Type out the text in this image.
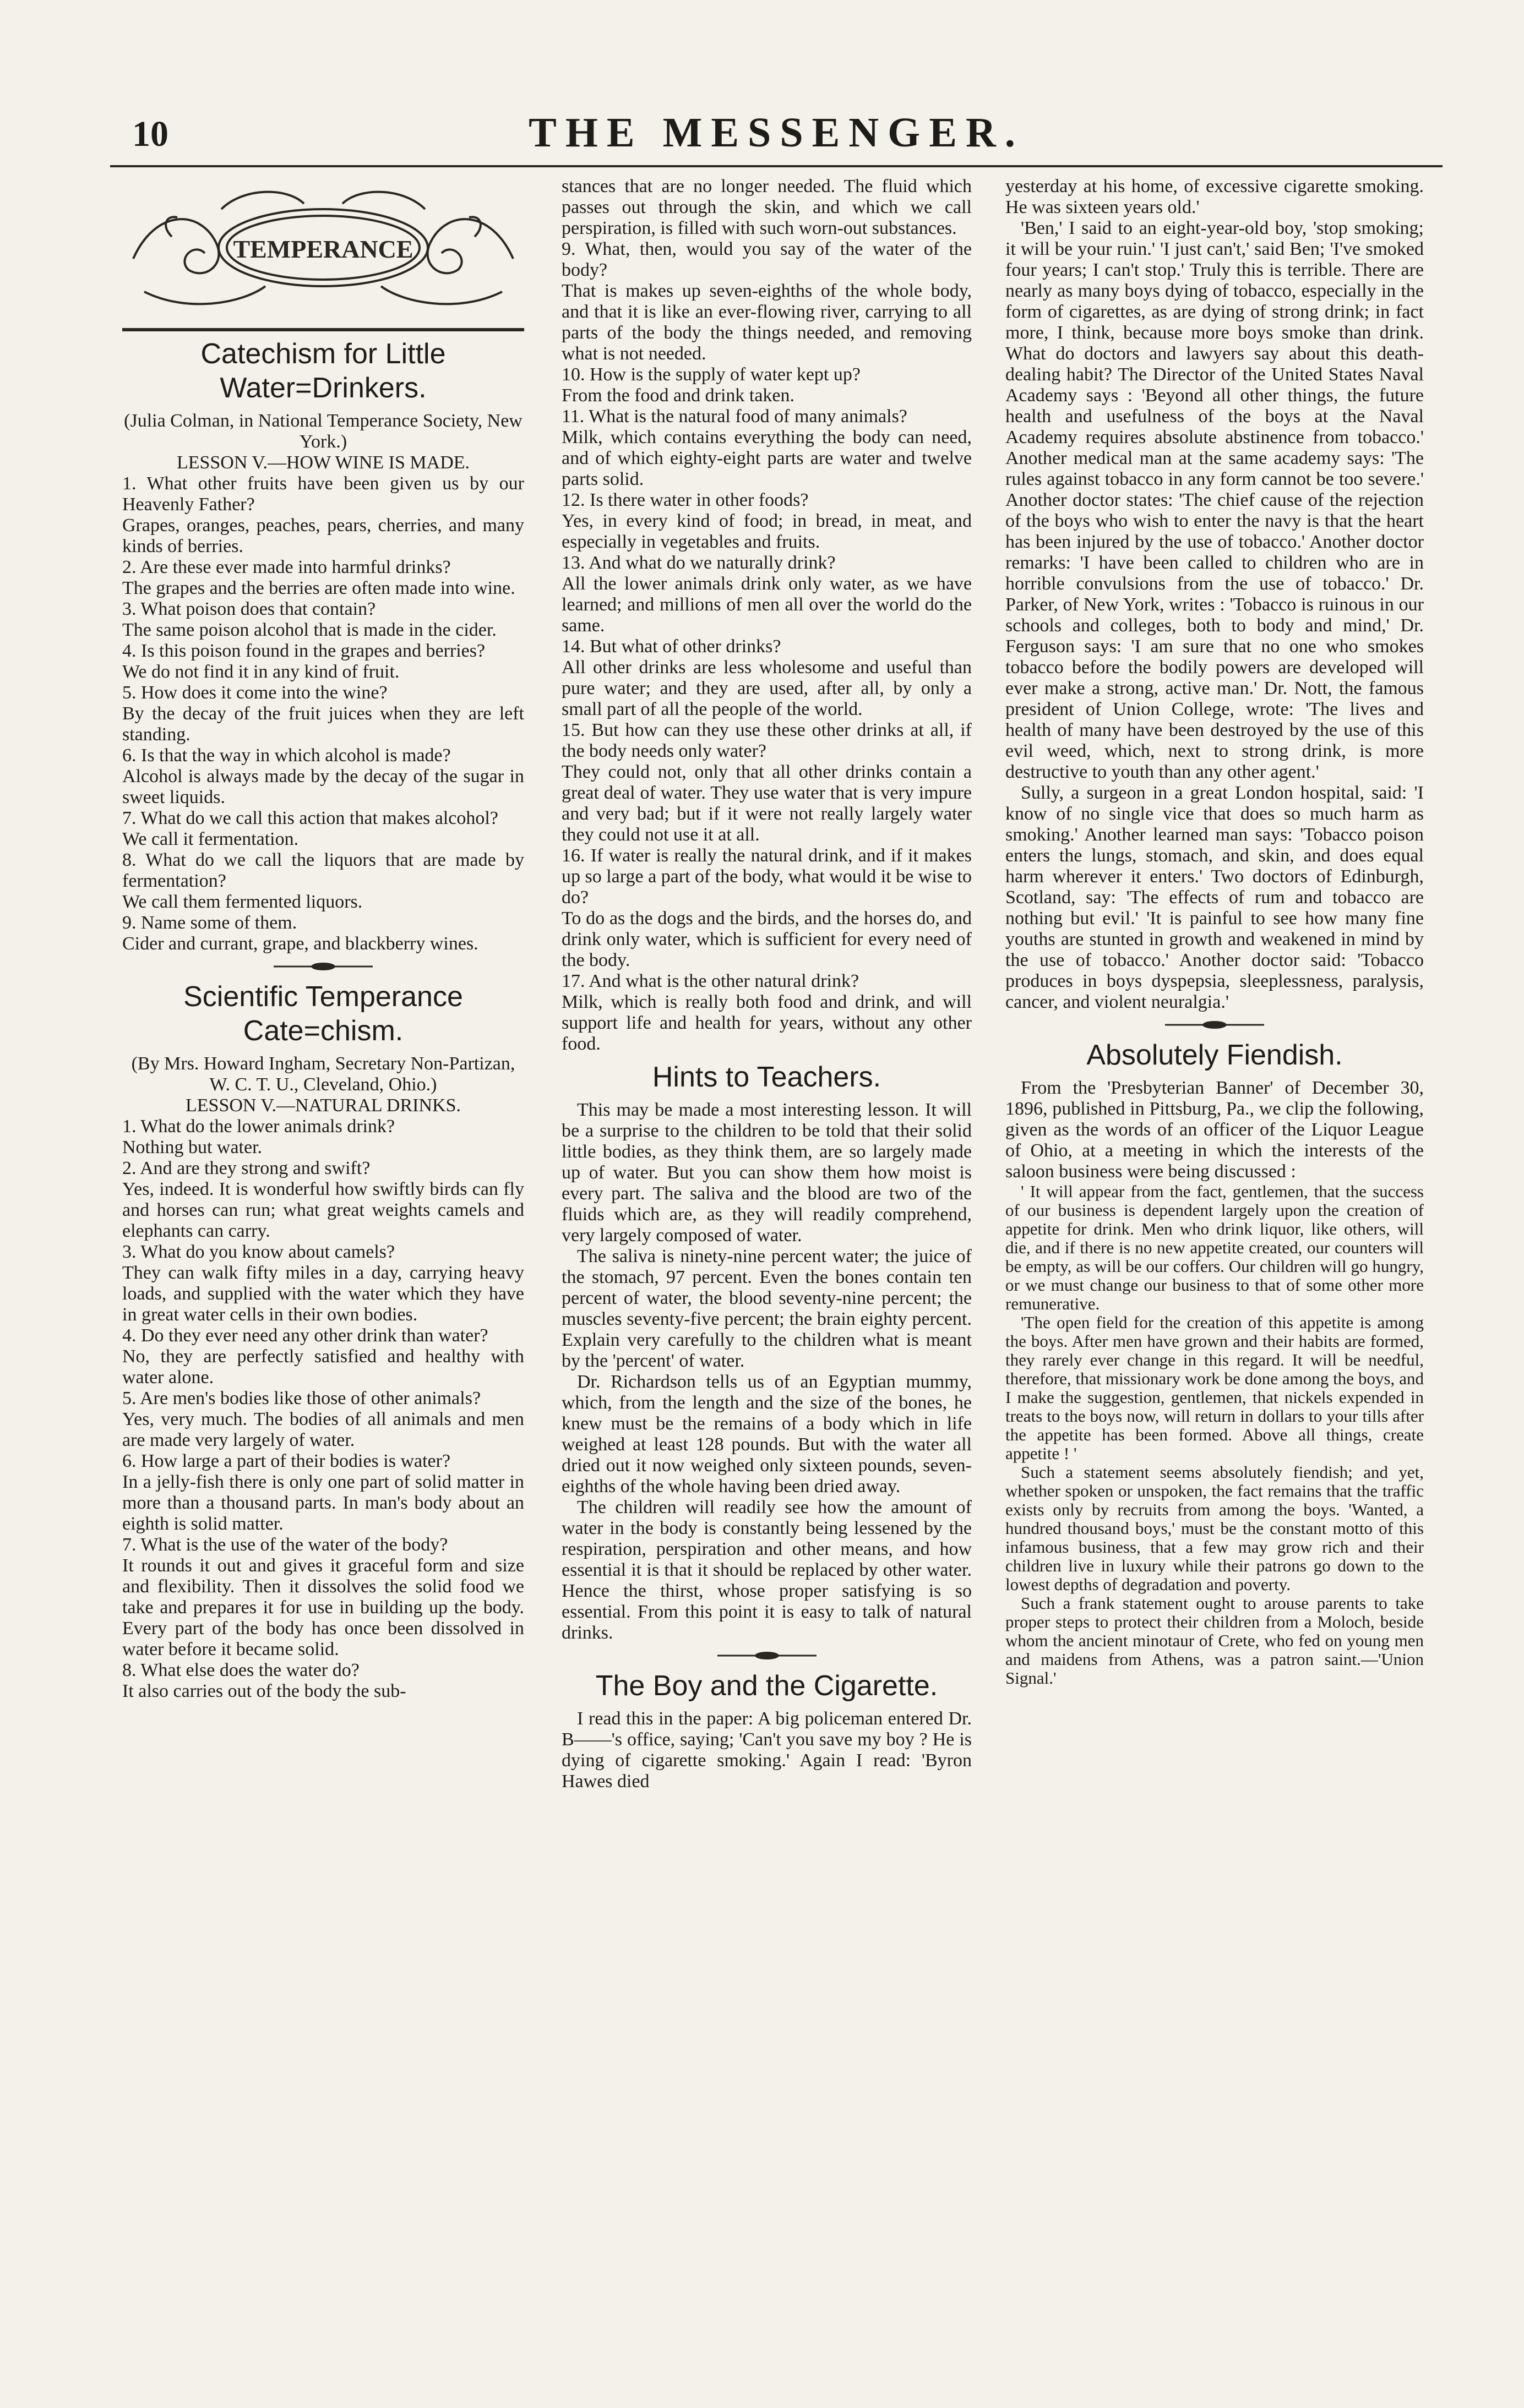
10	THE MESSENGER.
TEMPERANCE
Catechism for Little Water=Drinkers.

(Julia Colman, in National Temperance Society, New York.)

LESSON V.—HOW WINE IS MADE.

1. What other fruits have been given us by our Heavenly Father?

Grapes, oranges, peaches, pears, cherries, and many kinds of berries.

2. Are these ever made into harmful drinks?

The grapes and the berries are often made into wine.

3. What poison does that contain?

The same poison alcohol that is made in the cider.

4. Is this poison found in the grapes and berries?

We do not find it in any kind of fruit.

5. How does it come into the wine?

By the decay of the fruit juices when they are left standing.

6. Is that the way in which alcohol is made?

Alcohol is always made by the decay of the sugar in sweet liquids.

7. What do we call this action that makes alcohol?

We call it fermentation.

8. What do we call the liquors that are made by fermentation?

We call them fermented liquors.

9. Name some of them.

Cider and currant, grape, and blackberry wines.

Scientific Temperance Cate=chism.

(By Mrs. Howard Ingham, Secretary Non-Partizan, W. C. T. U., Cleveland, Ohio.)

LESSON V.—NATURAL DRINKS.

1. What do the lower animals drink?

Nothing but water.

2. And are they strong and swift?

Yes, indeed. It is wonderful how swiftly birds can fly and horses can run; what great weights camels and elephants can carry.

3. What do you know about camels?

They can walk fifty miles in a day, carrying heavy loads, and supplied with the water which they have in great water cells in their own bodies.

4. Do they ever need any other drink than water?

No, they are perfectly satisfied and healthy with water alone.

5. Are men's bodies like those of other animals?

Yes, very much. The bodies of all animals and men are made very largely of water.

6. How large a part of their bodies is water?

In a jelly-fish there is only one part of solid matter in more than a thousand parts. In man's body about an eighth is solid matter.

7. What is the use of the water of the body?

It rounds it out and gives it graceful form and size and flexibility. Then it dissolves the solid food we take and prepares it for use in building up the body. Every part of the body has once been dissolved in water before it became solid.

8. What else does the water do?

It also carries out of the body the sub-

stances that are no longer needed. The fluid which passes out through the skin, and which we call perspiration, is filled with such worn-out substances.

9. What, then, would you say of the water of the body?

That is makes up seven-eighths of the whole body, and that it is like an ever-flowing river, carrying to all parts of the body the things needed, and removing what is not needed.

10. How is the supply of water kept up?

From the food and drink taken.

11. What is the natural food of many animals?

Milk, which contains everything the body can need, and of which eighty-eight parts are water and twelve parts solid.

12. Is there water in other foods?

Yes, in every kind of food; in bread, in meat, and especially in vegetables and fruits.

13. And what do we naturally drink?

All the lower animals drink only water, as we have learned; and millions of men all over the world do the same.

14. But what of other drinks?

All other drinks are less wholesome and useful than pure water; and they are used, after all, by only a small part of all the people of the world.

15. But how can they use these other drinks at all, if the body needs only water?

They could not, only that all other drinks contain a great deal of water. They use water that is very impure and very bad; but if it were not really largely water they could not use it at all.

16. If water is really the natural drink, and if it makes up so large a part of the body, what would it be wise to do?

To do as the dogs and the birds, and the horses do, and drink only water, which is sufficient for every need of the body.

17. And what is the other natural drink?

Milk, which is really both food and drink, and will support life and health for years, without any other food.

Hints to Teachers.

This may be made a most interesting lesson. It will be a surprise to the children to be told that their solid little bodies, as they think them, are so largely made up of water. But you can show them how moist is every part. The saliva and the blood are two of the fluids which are, as they will readily comprehend, very largely composed of water.

The saliva is ninety-nine percent water; the juice of the stomach, 97 percent. Even the bones contain ten percent of water, the blood seventy-nine percent; the muscles seventy-five percent; the brain eighty percent. Explain very carefully to the children what is meant by the 'percent' of water.

Dr. Richardson tells us of an Egyptian mummy, which, from the length and the size of the bones, he knew must be the remains of a body which in life weighed at least 128 pounds. But with the water all dried out it now weighed only sixteen pounds, seven-eighths of the whole having been dried away.

The children will readily see how the amount of water in the body is constantly being lessened by the respiration, perspiration and other means, and how essential it is that it should be replaced by other water. Hence the thirst, whose proper satisfying is so essential. From this point it is easy to talk of natural drinks.

The Boy and the Cigarette.

I read this in the paper: A big policeman entered Dr. B——'s office, saying; 'Can't you save my boy ? He is dying of cigarette smoking.' Again I read: 'Byron Hawes died

yesterday at his home, of excessive cigarette smoking. He was sixteen years old.'

'Ben,' I said to an eight-year-old boy, 'stop smoking; it will be your ruin.' 'I just can't,' said Ben; 'I've smoked four years; I can't stop.' Truly this is terrible. There are nearly as many boys dying of tobacco, especially in the form of cigarettes, as are dying of strong drink; in fact more, I think, because more boys smoke than drink. What do doctors and lawyers say about this death-dealing habit? The Director of the United States Naval Academy says : 'Beyond all other things, the future health and usefulness of the boys at the Naval Academy requires absolute abstinence from tobacco.' Another medical man at the same academy says: 'The rules against tobacco in any form cannot be too severe.' Another doctor states: 'The chief cause of the rejection of the boys who wish to enter the navy is that the heart has been injured by the use of tobacco.' Another doctor remarks: 'I have been called to children who are in horrible convulsions from the use of tobacco.' Dr. Parker, of New York, writes : 'Tobacco is ruinous in our schools and colleges, both to body and mind,' Dr. Ferguson says: 'I am sure that no one who smokes tobacco before the bodily powers are developed will ever make a strong, active man.' Dr. Nott, the famous president of Union College, wrote: 'The lives and health of many have been destroyed by the use of this evil weed, which, next to strong drink, is more destructive to youth than any other agent.'

Sully, a surgeon in a great London hospital, said: 'I know of no single vice that does so much harm as smoking.' Another learned man says: 'Tobacco poison enters the lungs, stomach, and skin, and does equal harm wherever it enters.' Two doctors of Edinburgh, Scotland, say: 'The effects of rum and tobacco are nothing but evil.' 'It is painful to see how many fine youths are stunted in growth and weakened in mind by the use of tobacco.' Another doctor said: 'Tobacco produces in boys dyspepsia, sleeplessness, paralysis, cancer, and violent neuralgia.'

Absolutely Fiendish.

From the 'Presbyterian Banner' of December 30, 1896, published in Pittsburg, Pa., we clip the following, given as the words of an officer of the Liquor League of Ohio, at a meeting in which the interests of the saloon business were being discussed :

' It will appear from the fact, gentlemen, that the success of our business is dependent largely upon the creation of appetite for drink. Men who drink liquor, like others, will die, and if there is no new appetite created, our counters will be empty, as will be our coffers. Our children will go hungry, or we must change our business to that of some other more remunerative.

'The open field for the creation of this appetite is among the boys. After men have grown and their habits are formed, they rarely ever change in this regard. It will be needful, therefore, that missionary work be done among the boys, and I make the suggestion, gentlemen, that nickels expended in treats to the boys now, will return in dollars to your tills after the appetite has been formed. Above all things, create appetite ! '

Such a statement seems absolutely fiendish; and yet, whether spoken or unspoken, the fact remains that the traffic exists only by recruits from among the boys. 'Wanted, a hundred thousand boys,' must be the constant motto of this infamous business, that a few may grow rich and their children live in luxury while their patrons go down to the lowest depths of degradation and poverty.

Such a frank statement ought to arouse parents to take proper steps to protect their children from a Moloch, beside whom the ancient minotaur of Crete, who fed on young men and maidens from Athens, was a patron saint.—'Union Signal.'
